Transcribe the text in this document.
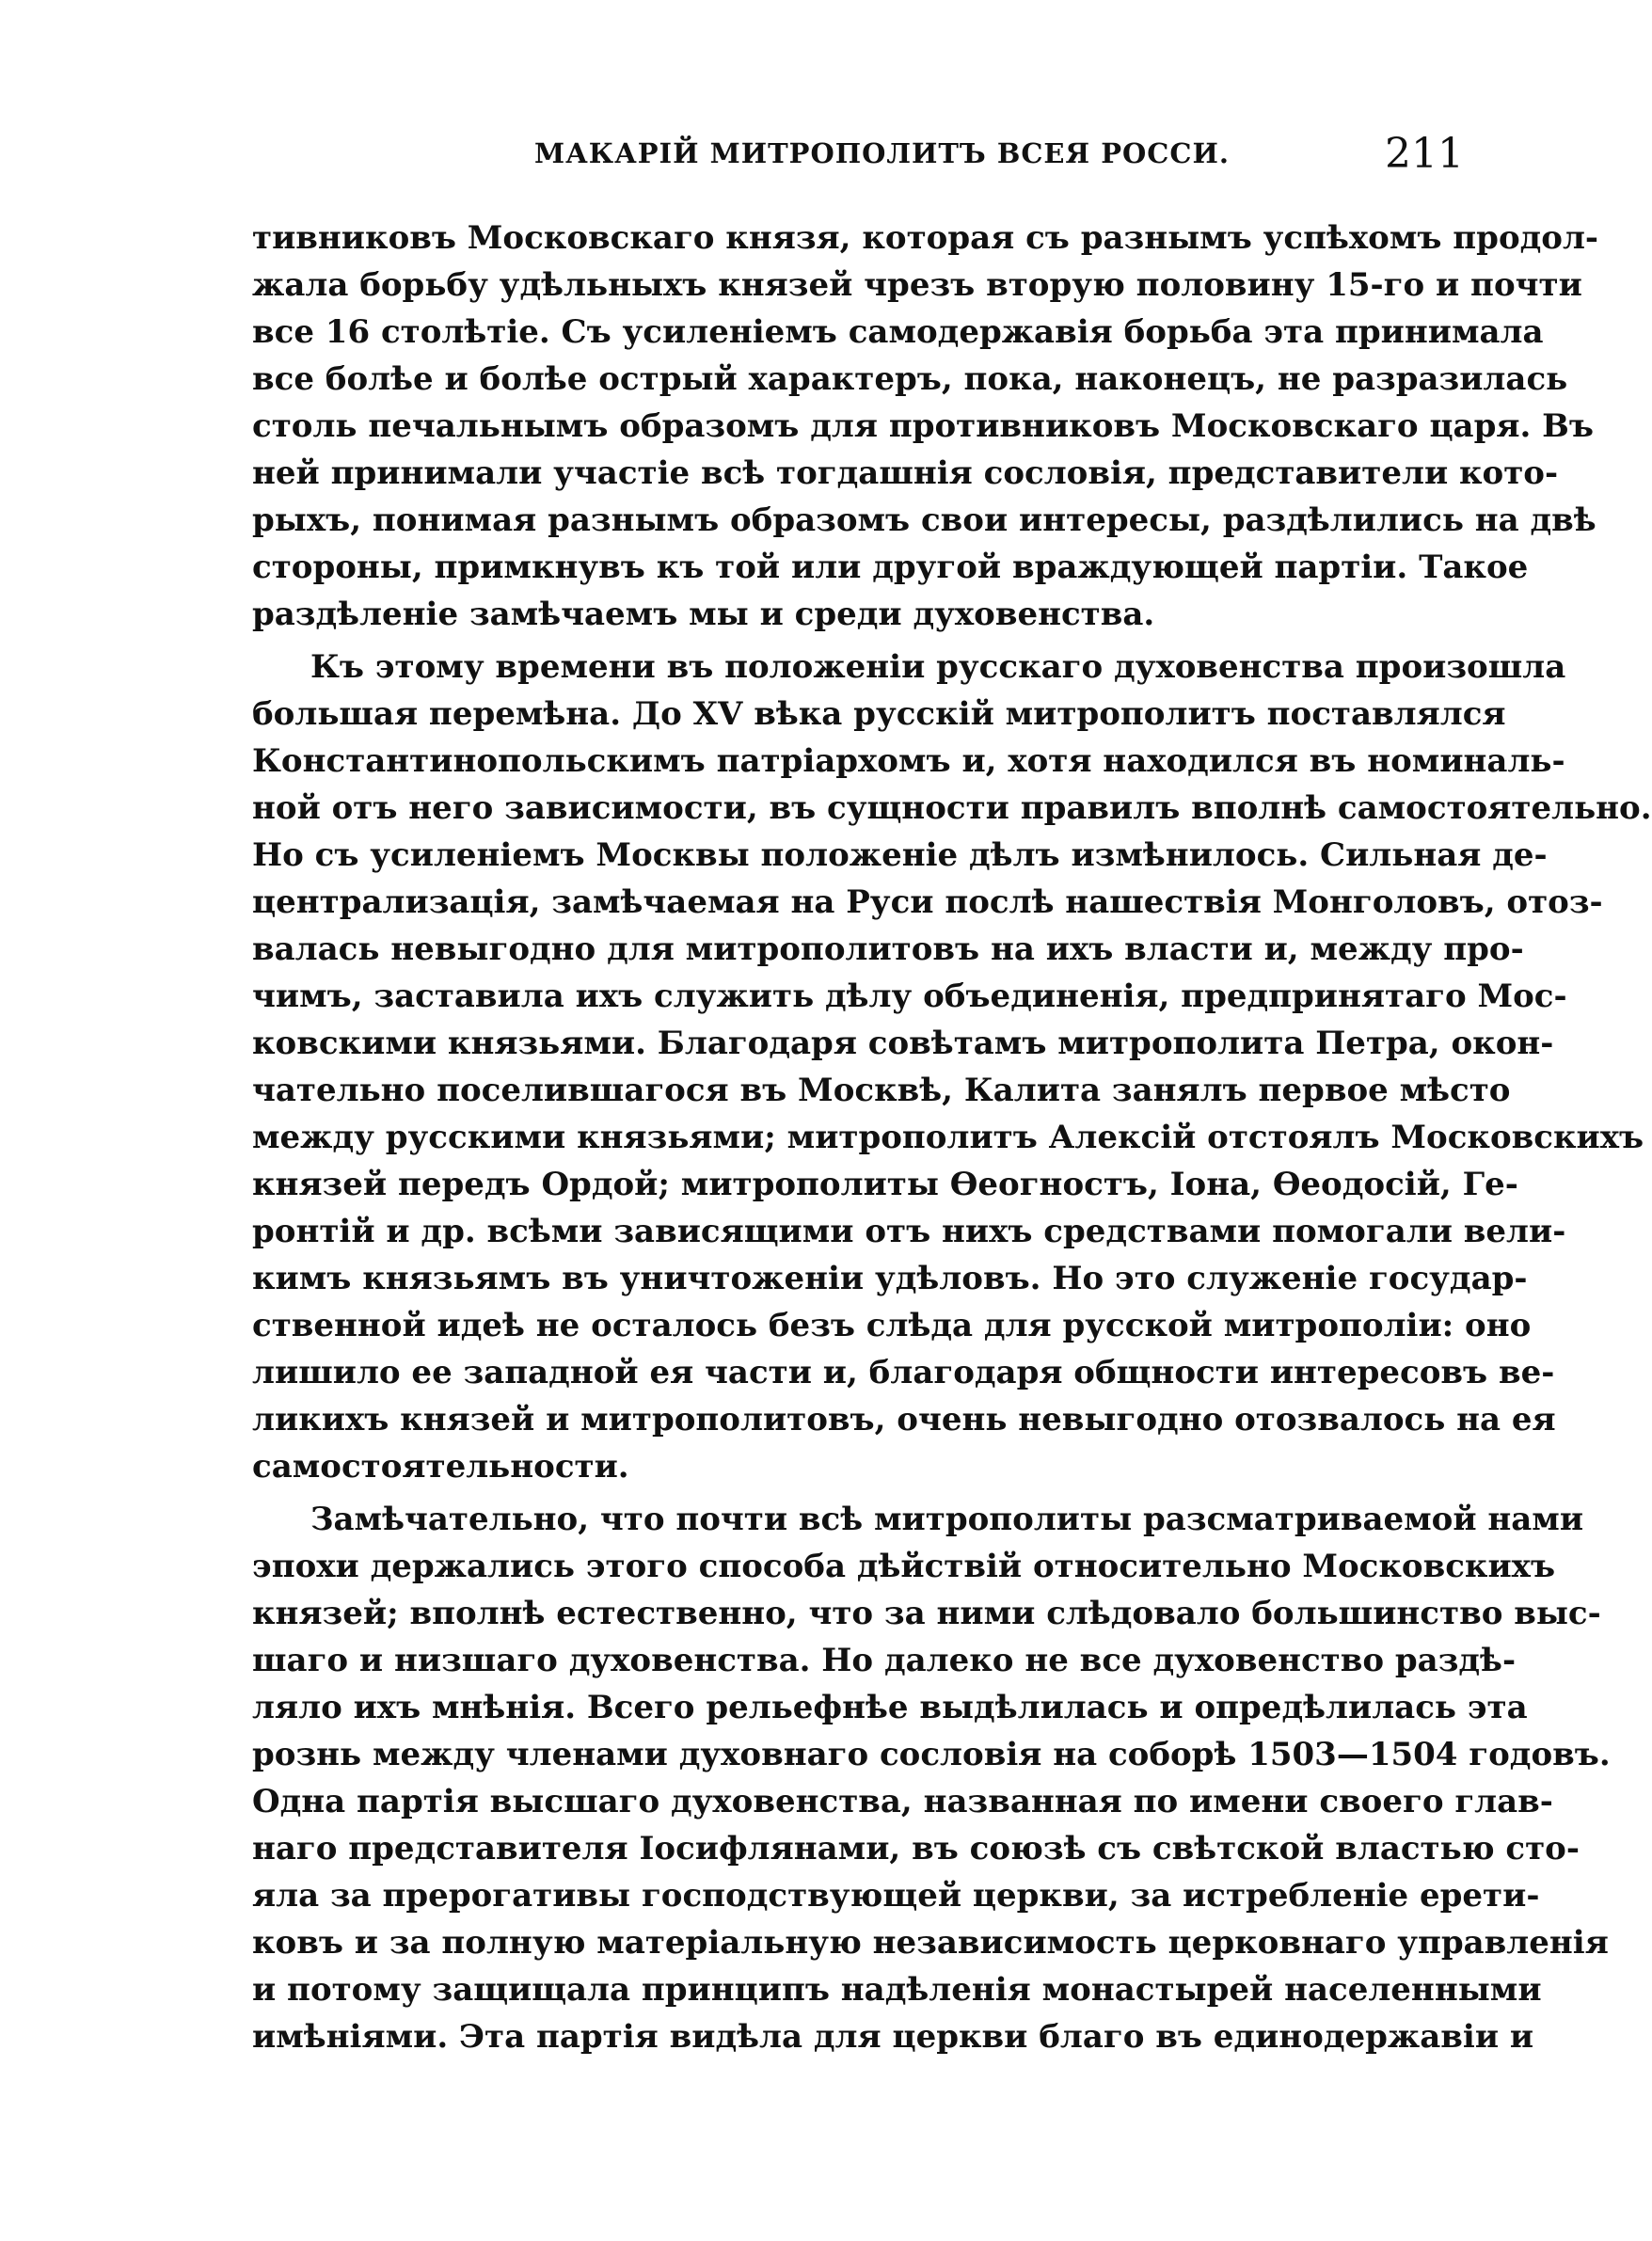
МАКАРІЙ МИТРОПОЛИТЪ ВСЕЯ РОССИ.	211
тивниковъ Московскаго князя, которая съ разнымъ успѣхомъ продол-
жала борьбу удѣльныхъ князей чрезъ вторую половину 15-го и почти
все 16 столѣтіе. Съ усиленіемъ самодержавія борьба эта принимала
все болѣе и болѣе острый характеръ, пока, наконецъ, не разразилась
столь печальнымъ образомъ для противниковъ Московскаго царя. Въ
ней принимали участіе всѣ тогдашнія сословія, представители кото-
рыхъ, понимая разнымъ образомъ свои интересы, раздѣлились на двѣ
стороны, примкнувъ къ той или другой враждующей партіи. Такое
раздѣленіе замѣчаемъ мы и среди духовенства.
Къ этому времени въ положеніи русскаго духовенства произошла
большая перемѣна. До XV вѣка русскій митрополитъ поставлялся
Константинопольскимъ патріархомъ и, хотя находился въ номиналь-
ной отъ него зависимости, въ сущности правилъ вполнѣ самостоятельно.
Но съ усиленіемъ Москвы положеніе дѣлъ измѣнилось. Сильная де-
централизація, замѣчаемая на Руси послѣ нашествія Монголовъ, отоз-
валась невыгодно для митрополитовъ на ихъ власти и, между про-
чимъ, заставила ихъ служить дѣлу объединенія, предпринятаго Мос-
ковскими князьями. Благодаря совѣтамъ митрополита Петра, окон-
чательно поселившагося въ Москвѣ, Калита занялъ первое мѣсто
между русскими князьями; митрополитъ Алексій отстоялъ Московскихъ
князей передъ Ордой; митрополиты Ѳеогностъ, Іона, Ѳеодосій, Ге-
ронтій и др. всѣми зависящими отъ нихъ средствами помогали вели-
кимъ князьямъ въ уничтоженіи удѣловъ. Но это служеніе государ-
ственной идеѣ не осталось безъ слѣда для русской митрополіи: оно
лишило ее западной ея части и, благодаря общности интересовъ ве-
ликихъ князей и митрополитовъ, очень невыгодно отозвалось на ея
самостоятельности.
Замѣчательно, что почти всѣ митрополиты разсматриваемой нами
эпохи держались этого способа дѣйствій относительно Московскихъ
князей; вполнѣ естественно, что за ними слѣдовало большинство выс-
шаго и низшаго духовенства. Но далеко не все духовенство раздѣ-
ляло ихъ мнѣнія. Всего рельефнѣе выдѣлилась и опредѣлилась эта
рознь между членами духовнаго сословія на соборѣ 1503—1504 годовъ.
Одна партія высшаго духовенства, названная по имени своего глав-
наго представителя Іосифлянами, въ союзѣ съ свѣтской властью сто-
яла за прерогативы господствующей церкви, за истребленіе ерети-
ковъ и за полную матеріальную независимость церковнаго управленія
и потому защищала принципъ надѣленія монастырей населенными
имѣніями. Эта партія видѣла для церкви благо въ единодержавіи и
